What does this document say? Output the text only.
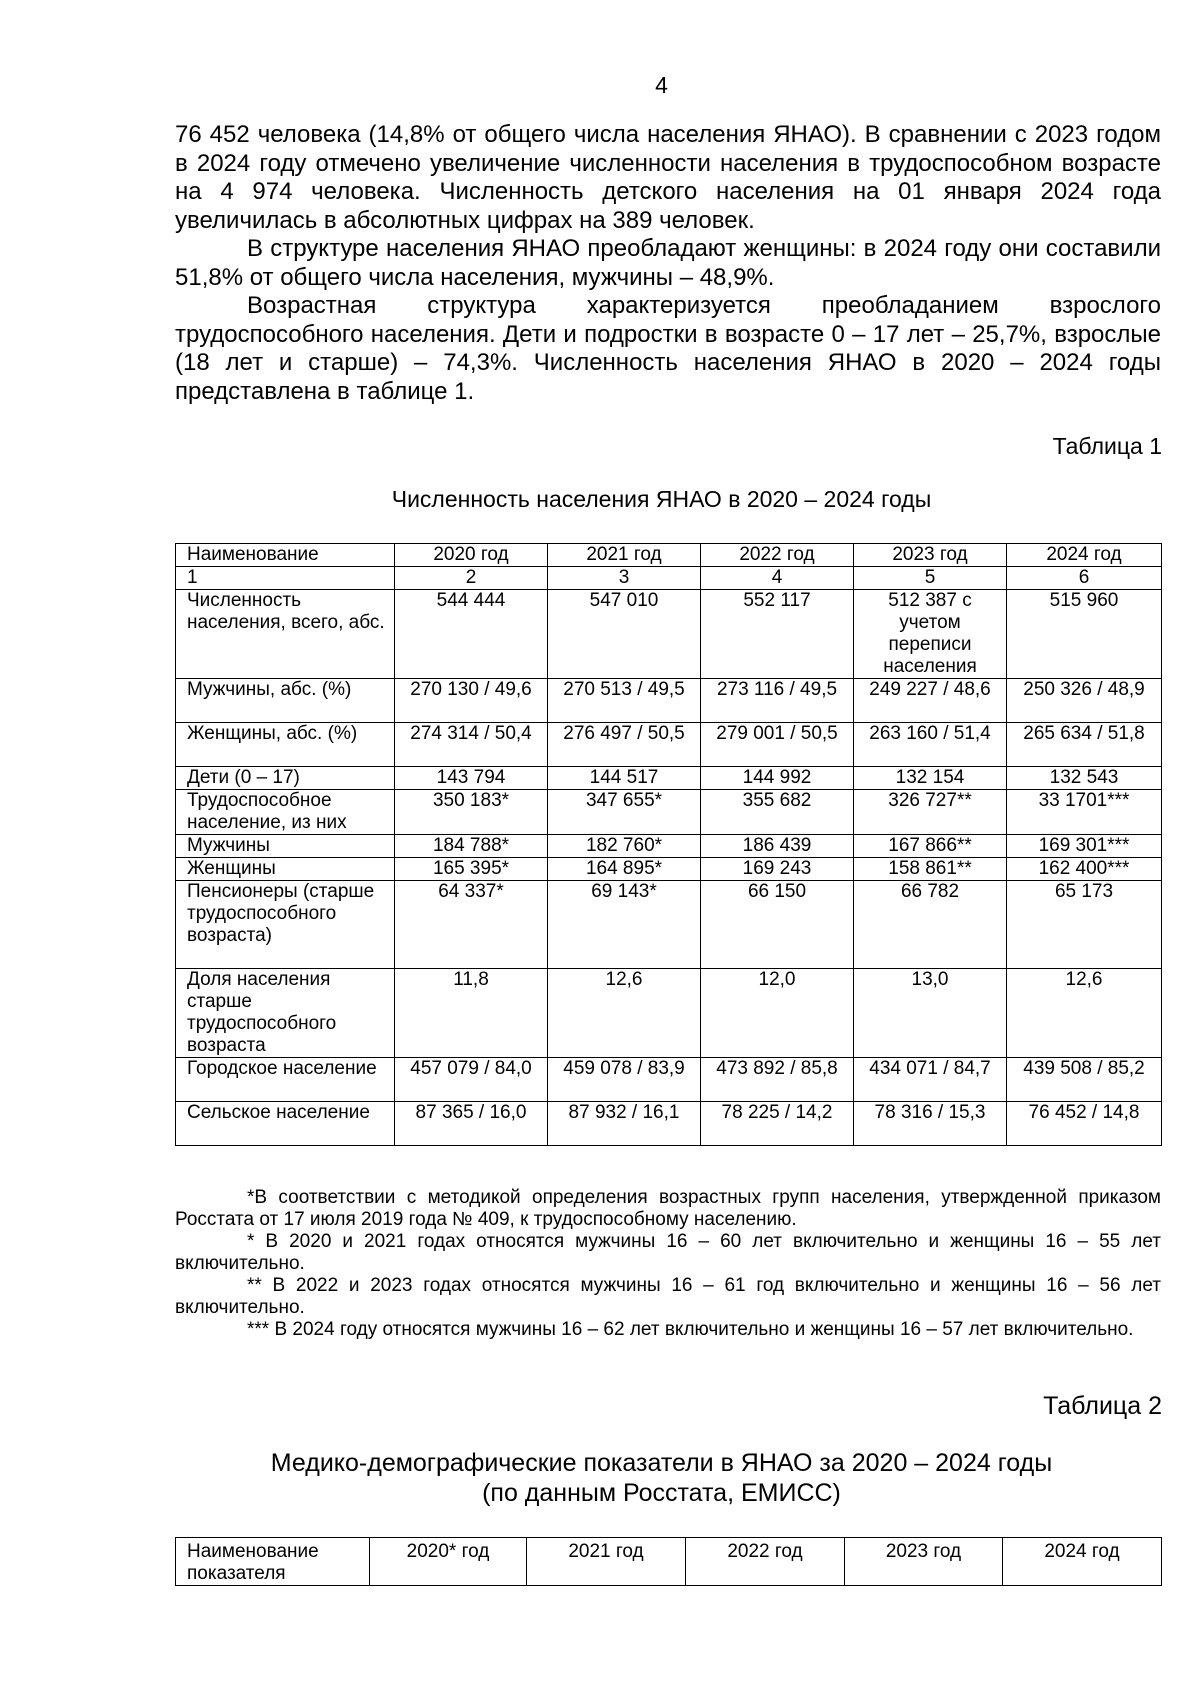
4

76 452 человека (14,8% от общего числа населения ЯНАО). В сравнении с 2023 годом в 2024 году отмечено увеличение численности населения в трудоспособном возрасте на 4 974 человека. Численность детского населения на 01 января 2024 года увеличилась в абсолютных цифрах на 389 человек.

В структуре населения ЯНАО преобладают женщины: в 2024 году они составили 51,8% от общего числа населения, мужчины – 48,9%.

Возрастная структура характеризуется преобладанием взрослого трудоспособного населения. Дети и подростки в возрасте 0 – 17 лет – 25,7%, взрослые (18 лет и старше) – 74,3%. Численность населения ЯНАО в 2020 – 2024 годы представлена в таблице 1.

Таблица 1
Численность населения ЯНАО в 2020 – 2024 годы
Наименование	2020 год	2021 год	2022 год	2023 год	2024 год
1	2	3	4	5	6
Численность населения, всего, абс.	544 444	547 010	552 117	512 387 с учетом переписи населения	515 960
Мужчины, абс. (%)	270 130 / 49,6	270 513 / 49,5	273 116 / 49,5	249 227 / 48,6	250 326 / 48,9
Женщины, абс. (%)	274 314 / 50,4	276 497 / 50,5	279 001 / 50,5	263 160 / 51,4	265 634 / 51,8
Дети (0 – 17)	143 794	144 517	144 992	132 154	132 543
Трудоспособное население, из них	350 183*	347 655*	355 682	326 727**	33 1701***
Мужчины	184 788*	182 760*	186 439	167 866**	169 301***
Женщины	165 395*	164 895*	169 243	158 861**	162 400***
Пенсионеры (старше трудоспособного возраста)	64 337*	69 143*	66 150	66 782	65 173
Доля населения старше трудоспособного возраста	11,8	12,6	12,0	13,0	12,6
Городское население	457 079 / 84,0	459 078 / 83,9	473 892 / 85,8	434 071 / 84,7	439 508 / 85,2
Сельское население	87 365 / 16,0	87 932 / 16,1	78 225 / 14,2	78 316 / 15,3	76 452 / 14,8

*В соответствии с методикой определения возрастных групп населения, утвержденной приказом Росстата от 17 июля 2019 года № 409, к трудоспособному населению.

* В 2020 и 2021 годах относятся мужчины 16 – 60 лет включительно и женщины 16 – 55 лет включительно.

** В 2022 и 2023 годах относятся мужчины 16 – 61 год включительно и женщины 16 – 56 лет включительно.

*** В 2024 году относятся мужчины 16 – 62 лет включительно и женщины 16 – 57 лет включительно.

Таблица 2
Медико-демографические показатели в ЯНАО за 2020 – 2024 годы
(по данным Росстата, ЕМИСС)
Наименование показателя	2020* год	2021 год	2022 год	2023 год	2024 год
